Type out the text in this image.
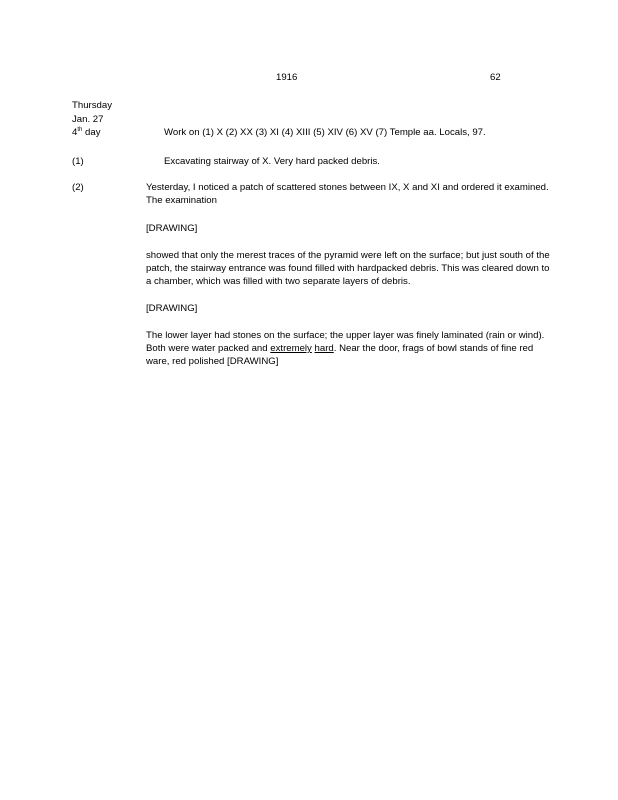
1916	62
Thursday
Jan. 27
4th day	Work on (1) X (2) XX (3) XI (4) XIII (5) XIV (6) XV (7) Temple aa. Locals, 97.
(1)	Excavating stairway of X. Very hard packed debris.
(2)	Yesterday, I noticed a patch of scattered stones between IX, X and XI and ordered it examined. The examination
[DRAWING]
showed that only the merest traces of the pyramid were left on the surface; but just south of the patch, the stairway entrance was found filled with hardpacked debris. This was cleared down to a chamber, which was filled with two separate layers of debris.
[DRAWING]
The lower layer had stones on the surface; the upper layer was finely laminated (rain or wind). Both were water packed and extremely hard. Near the door, frags of bowl stands of fine red ware, red polished [DRAWING]
